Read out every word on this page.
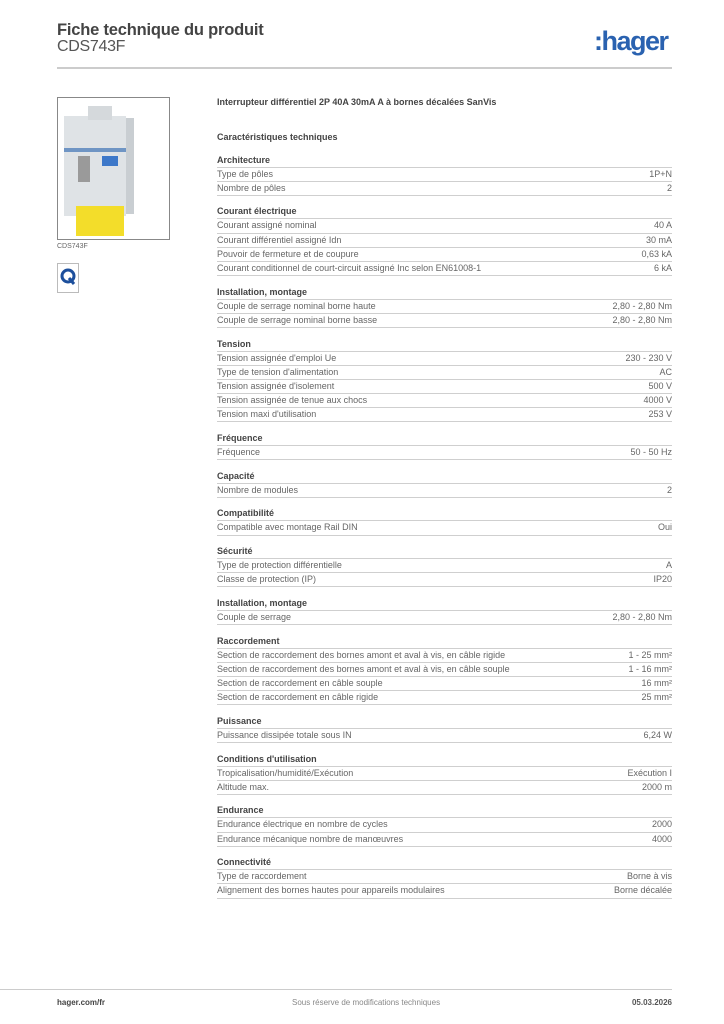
Fiche technique du produit
CDS743F	:hager
CDS743F
Interrupteur différentiel 2P 40A 30mA A à bornes décalées SanVis
Caractéristiques techniques
Architecture
Type de pôles	1P+N
Nombre de pôles	2
Courant électrique
Courant assigné nominal	40 A
Courant différentiel assigné Idn	30 mA
Pouvoir de fermeture et de coupure	0,63 kA
Courant conditionnel de court-circuit assigné Inc selon EN61008-1	6 kA
Installation, montage
Couple de serrage nominal borne haute	2,80 - 2,80 Nm
Couple de serrage nominal borne basse	2,80 - 2,80 Nm
Tension
Tension assignée d'emploi Ue	230 - 230 V
Type de tension d'alimentation	AC
Tension assignée d'isolement	500 V
Tension assignée de tenue aux chocs	4000 V
Tension maxi d'utilisation	253 V
Fréquence
Fréquence	50 - 50 Hz
Capacité
Nombre de modules	2
Compatibilité
Compatible avec montage Rail DIN	Oui
Sécurité
Type de protection différentielle	A
Classe de protection (IP)	IP20
Installation, montage
Couple de serrage	2,80 - 2,80 Nm
Raccordement
Section de raccordement des bornes amont et aval à vis, en câble rigide	1 - 25 mm²
Section de raccordement des bornes amont et aval à vis, en câble souple	1 - 16 mm²
Section de raccordement en câble souple	16 mm²
Section de raccordement en câble rigide	25 mm²
Puissance
Puissance dissipée totale sous IN	6,24 W
Conditions d'utilisation
Tropicalisation/humidité/Exécution	Exécution I
Altitude max.	2000 m
Endurance
Endurance électrique en nombre de cycles	2000
Endurance mécanique nombre de manœuvres	4000
Connectivité
Type de raccordement	Borne à vis
Alignement des bornes hautes pour appareils modulaires	Borne décalée
hager.com/fr	Sous réserve de modifications techniques	05.03.2026
